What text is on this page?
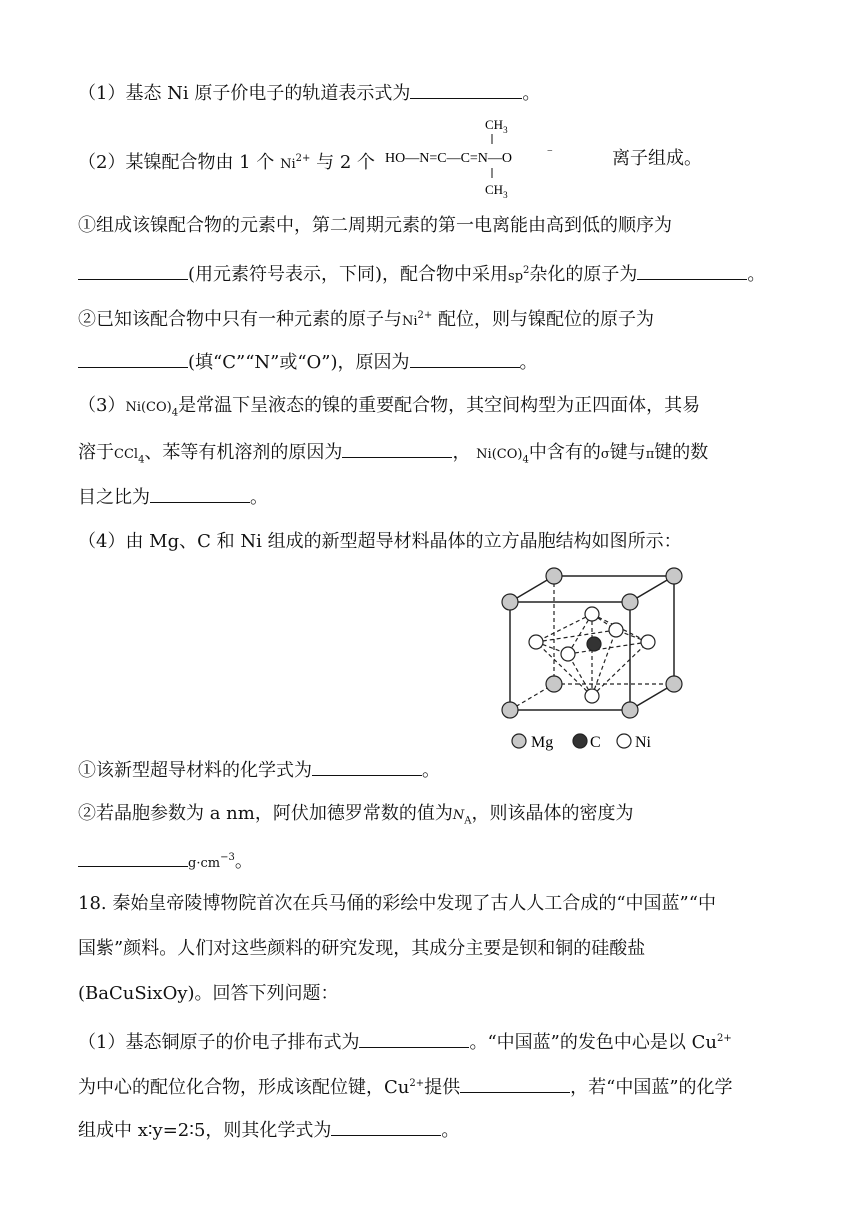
（1）基态 Ni 原子价电子的轨道表示式为	。
（2）某镍配合物由 1 个 $Ni^{2+}$ 与 2 个
$CH_3$
HO—N=C—C=N—O	−
$CH_3$
离子组成。
①组成该镍配合物的元素中，第二周期元素的第一电离能由高到低的顺序为
(用元素符号表示，下同)，配合物中采用$sp^2$杂化的原子为	。
②已知该配合物中只有一种元素的原子与$Ni^{2+}$ 配位，则与镍配位的原子为
(填“C”“N”或“O”)，原因为	。
$(3)Ni(CO)_4$是常温下呈液态的镍的重要配合物，其空间构型为正四面体，其易
溶于CCl$_4$、苯等有机溶剂的原因为	， $Ni(CO)_4$中含有的σ键与π键的数
目之比为	。
（4）由 Mg、C 和 Ni 组成的新型超导材料晶体的立方晶胞结构如图所示：
Mg C Ni
①该新型超导材料的化学式为	。
②若晶胞参数为 a nm，阿伏加德罗常数的值为$N_A$，则该晶体的密度为
$g\cdot cm^{-3}$。
18. 秦始皇帝陵博物院首次在兵马俑的彩绘中发现了古人人工合成的“中国蓝”“中
国紫”颜料。人们对这些颜料的研究发现，其成分主要是钡和铜的硅酸盐
(BaCuSixOy)。回答下列问题：
（1）基态铜原子的价电子排布式为	。“中国蓝”的发色中心是以 $Cu^{2+}$
为中心的配位化合物，形成该配位键，$Cu^{2+}$提供	，若“中国蓝”的化学
组成中 x∶y=2∶5，则其化学式为	。
